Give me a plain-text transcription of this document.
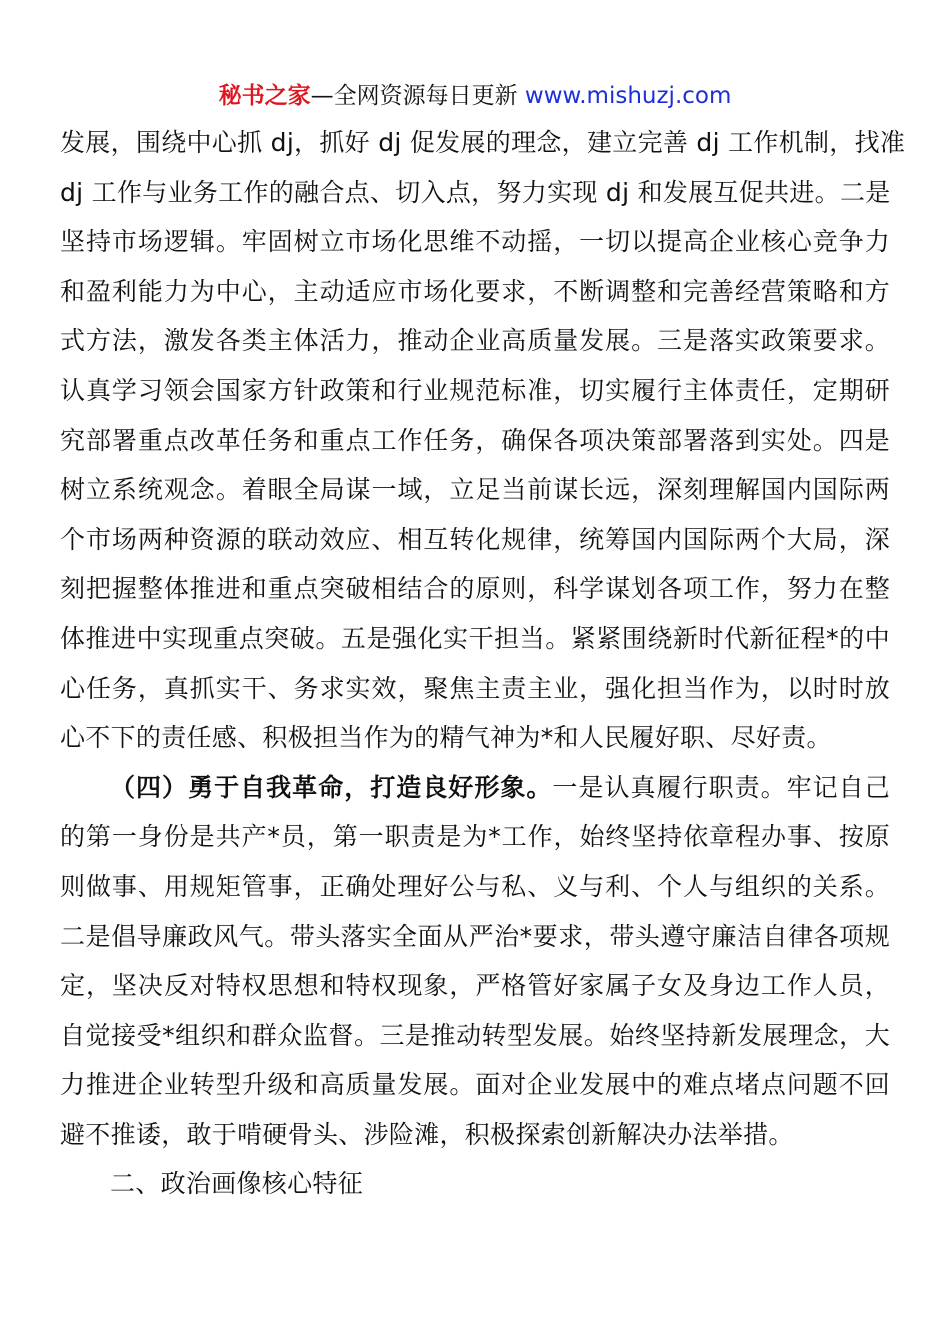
秘书之家—全网资源每日更新 www.mishuzj.com
发展，围绕中心抓 dj，抓好 dj 促发展的理念，建立完善 dj 工作机制，找准
dj 工作与业务工作的融合点、切入点，努力实现 dj 和发展互促共进。二是
坚持市场逻辑。牢固树立市场化思维不动摇，一切以提高企业核心竞争力
和盈利能力为中心，主动适应市场化要求，不断调整和完善经营策略和方
式方法，激发各类主体活力，推动企业高质量发展。三是落实政策要求。
认真学习领会国家方针政策和行业规范标准，切实履行主体责任，定期研
究部署重点改革任务和重点工作任务，确保各项决策部署落到实处。四是
树立系统观念。着眼全局谋一域，立足当前谋长远，深刻理解国内国际两
个市场两种资源的联动效应、相互转化规律，统筹国内国际两个大局，深
刻把握整体推进和重点突破相结合的原则，科学谋划各项工作，努力在整
体推进中实现重点突破。五是强化实干担当。紧紧围绕新时代新征程*的中
心任务，真抓实干、务求实效，聚焦主责主业，强化担当作为，以时时放
心不下的责任感、积极担当作为的精气神为*和人民履好职、尽好责。
（四）勇于自我革命，打造良好形象。一是认真履行职责。牢记自己
的第一身份是共产*员，第一职责是为*工作，始终坚持依章程办事、按原
则做事、用规矩管事，正确处理好公与私、义与利、个人与组织的关系。
二是倡导廉政风气。带头落实全面从严治*要求，带头遵守廉洁自律各项规
定，坚决反对特权思想和特权现象，严格管好家属子女及身边工作人员，
自觉接受*组织和群众监督。三是推动转型发展。始终坚持新发展理念，大
力推进企业转型升级和高质量发展。面对企业发展中的难点堵点问题不回
避不推诿，敢于啃硬骨头、涉险滩，积极探索创新解决办法举措。
二、政治画像核心特征
